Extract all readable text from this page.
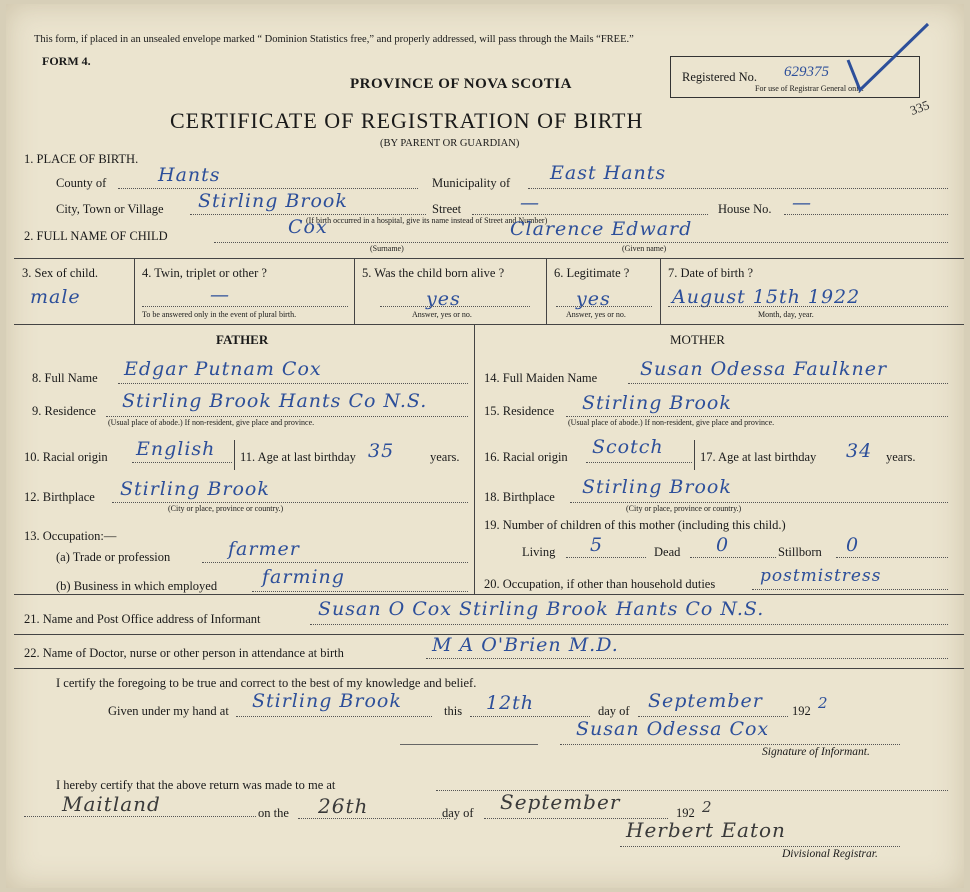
This form, if placed in an unsealed envelope marked “ Dominion Statistics free,” and properly addressed, will pass through the Mails “FREE.”
FORM 4.
PROVINCE OF NOVA SCOTIA
CERTIFICATE OF REGISTRATION OF BIRTH
(BY PARENT OR GUARDIAN)
Registered No. 629375
For use of Registrar General only.
335
1. PLACE OF BIRTH.
County of	Hants	Municipality of East Hants
City, Town or Village Stirling Brook	Street	—	House No. —
(If birth occurred in a hospital, give its name instead of Street and Number)
2. FULL NAME OF CHILD	Cox
(Surname)
Clarence Edward
(Given name)
3. Sex of child.
male
4. Twin, triplet or other ?
—
To be answered only in the event of plural birth.
5. Was the child born alive ?
yes
Answer, yes or no.
6. Legitimate ?
yes
Answer, yes or no.
7. Date of birth ?
August 15th 1922
Month, day, year.
FATHER	MOTHER
8. Full Name Edgar Putnam Cox
9. Residence Stirling Brook Hants Co N.S.
(Usual place of abode.) If non-resident, give place and province.
10. Racial origin English 11. Age at last birthday 35	years.
12. Birthplace Stirling Brook
(City or place, province or country.)
13. Occupation:—
(a) Trade or profession	farmer
(b) Business in which employed farming
14. Full Maiden Name Susan Odessa Faulkner
15. Residence Stirling Brook
(Usual place of abode.) If non-resident, give place and province.
16. Racial origin Scotch	17. Age at last birthday 34 years.
18. Birthplace Stirling Brook
(City or place, province or country.)
19. Number of children of this mother (including this child.)
Living 5	Dead 0	Stillborn 0
20. Occupation, if other than household duties	postmistress
21. Name and Post Office address of Informant	Susan O Cox Stirling Brook Hants Co N.S.
22. Name of Doctor, nurse or other person in attendance at birth	M A O'Brien M.D.
I certify the foregoing to be true and correct to the best of my knowledge and belief.
Given under my hand at Stirling Brook	this 12th	day of September 192 2
Susan Odessa Cox
Signature of Informant.
I hereby certify that the above return was made to me at
Maitland	on the 26th	day of September	192 2
Herbert Eaton
Divisional Registrar.
